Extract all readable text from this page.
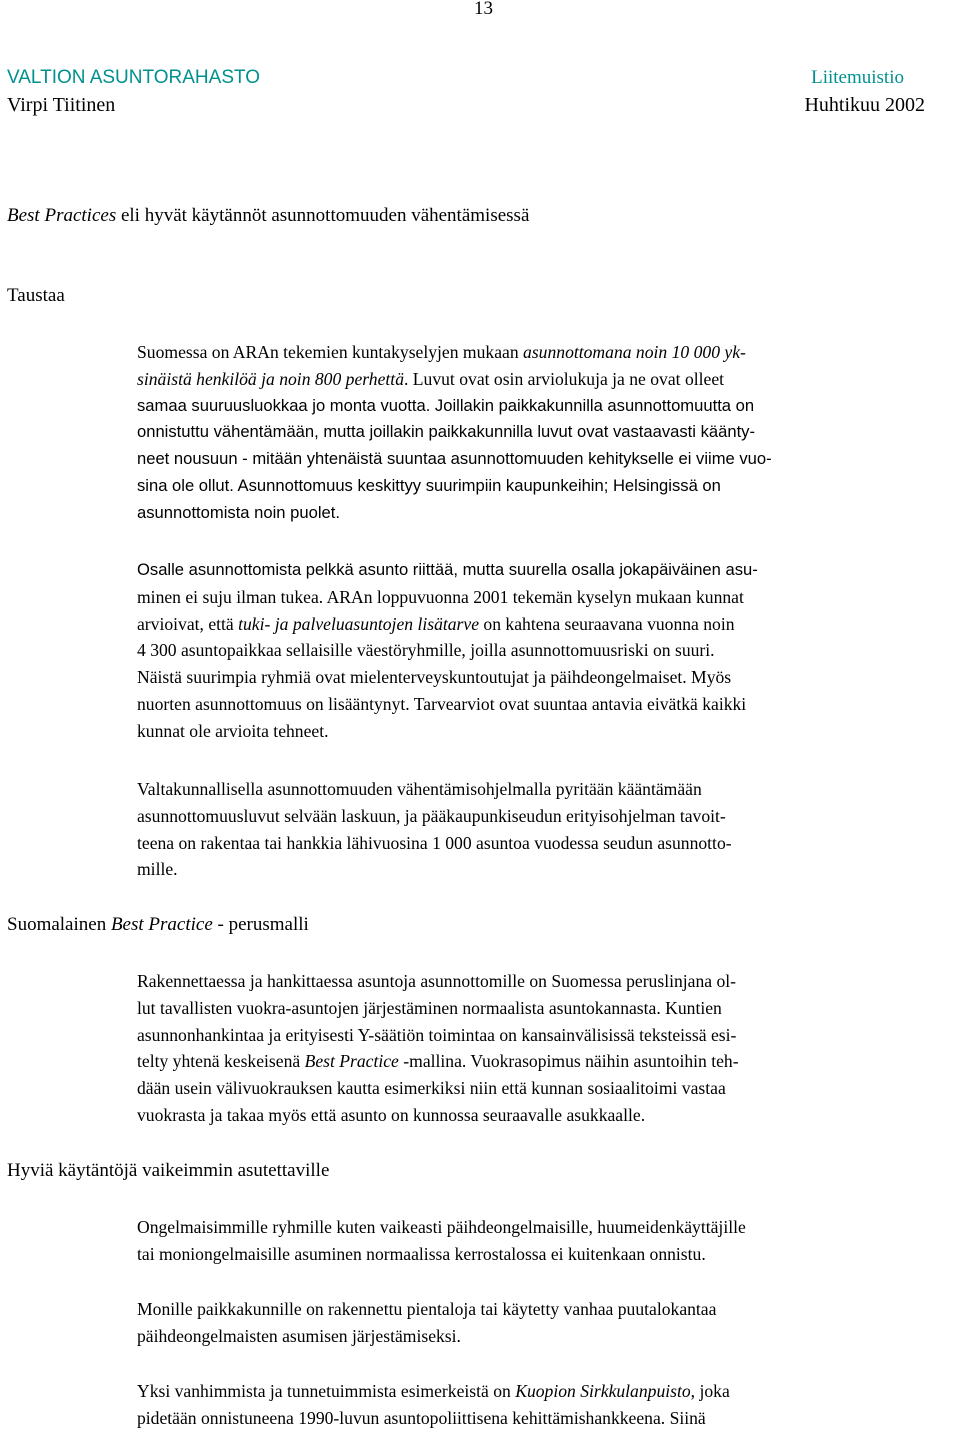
13
VALTION ASUNTORAHASTO	Liitemuistio
Virpi Tiitinen	Huhtikuu 2002
Best Practices eli hyvät käytännöt asunnottomuuden vähentämisessä
Taustaa

Suomessa on ARAn tekemien kuntakyselyjen mukaan asunnottomana noin 10 000 yk-
sinäistä henkilöä ja noin 800 perhettä. Luvut ovat osin arviolukuja ja ne ovat olleet
samaa suuruusluokkaa jo monta vuotta. Joillakin paikkakunnilla asunnottomuutta on
onnistuttu vähentämään, mutta joillakin paikkakunnilla luvut ovat vastaavasti käänty-
neet nousuun - mitään yhtenäistä suuntaa asunnottomuuden kehitykselle ei viime vuo-
sina ole ollut. Asunnottomuus keskittyy suurimpiin kaupunkeihin; Helsingissä on
asunnottomista noin puolet.

Osalle asunnottomista pelkkä asunto riittää, mutta suurella osalla jokapäiväinen asu-
minen ei suju ilman tukea. ARAn loppuvuonna 2001 tekemän kyselyn mukaan kunnat
arvioivat, että tuki- ja palveluasuntojen lisätarve on kahtena seuraavana vuonna noin
4 300 asuntopaikkaa sellaisille väestöryhmille, joilla asunnottomuusriski on suuri.
Näistä suurimpia ryhmiä ovat mielenterveyskuntoutujat ja päihdeongelmaiset. Myös
nuorten asunnottomuus on lisääntynyt. Tarvearviot ovat suuntaa antavia eivätkä kaikki
kunnat ole arvioita tehneet.

Valtakunnallisella asunnottomuuden vähentämisohjelmalla pyritään kääntämään
asunnottomuusluvut selvään laskuun, ja pääkaupunkiseudun erityisohjelman tavoit-
teena on rakentaa tai hankkia lähivuosina 1 000 asuntoa vuodessa seudun asunnotto-
mille.

Suomalainen Best Practice - perusmalli

Rakennettaessa ja hankittaessa asuntoja asunnottomille on Suomessa peruslinjana ol-
lut tavallisten vuokra-asuntojen järjestäminen normaalista asuntokannasta. Kuntien
asunnonhankintaa ja erityisesti Y-säätiön toimintaa on kansainvälisissä teksteissä esi-
telty yhtenä keskeisenä Best Practice -mallina. Vuokrasopimus näihin asuntoihin teh-
dään usein välivuokrauksen kautta esimerkiksi niin että kunnan sosiaalitoimi vastaa
vuokrasta ja takaa myös että asunto on kunnossa seuraavalle asukkaalle.

Hyviä käytäntöjä vaikeimmin asutettaville

Ongelmaisimmille ryhmille kuten vaikeasti päihdeongelmaisille, huumeidenkäyttäjille
tai moniongelmaisille asuminen normaalissa kerrostalossa ei kuitenkaan onnistu.

Monille paikkakunnille on rakennettu pientaloja tai käytetty vanhaa puutalokantaa
päihdeongelmaisten asumisen järjestämiseksi.

Yksi vanhimmista ja tunnetuimmista esimerkeistä on Kuopion Sirkkulanpuisto, joka
pidetään onnistuneena 1990-luvun asuntopoliittisena kehittämishankkeena. Siinä
